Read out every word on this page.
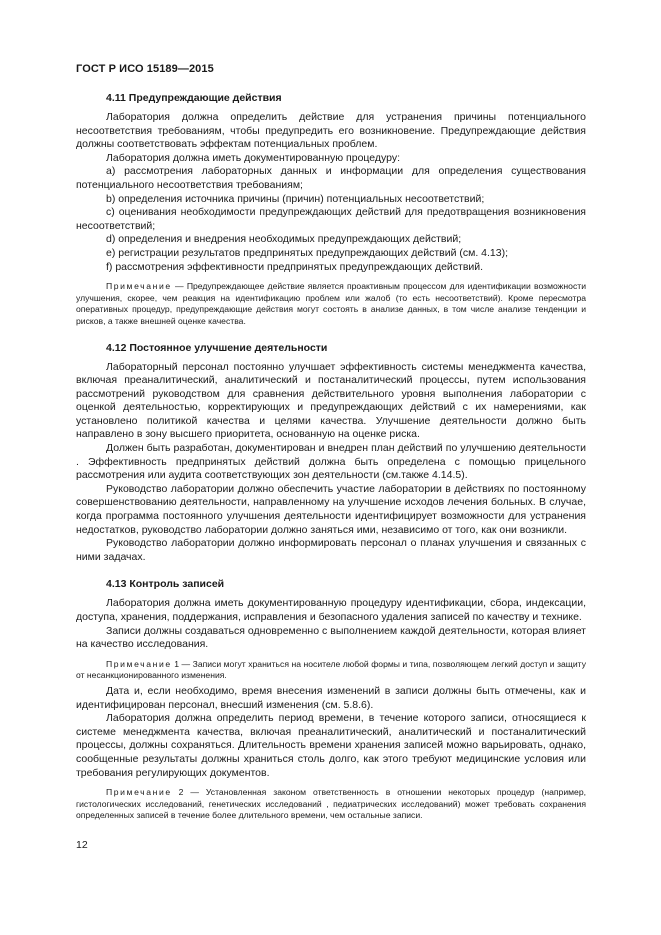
ГОСТ Р ИСО 15189—2015
4.11 Предупреждающие действия

Лаборатория должна определить действие для устранения причины потенциального несоответствия требованиям, чтобы предупредить его возникновение. Предупреждающие действия должны соответствовать эффектам потенциальных проблем.

Лаборатория должна иметь документированную процедуру:

a) рассмотрения лабораторных данных и информации для определения существования потенциального несоответствия требованиям;

b) определения источника причины (причин) потенциальных несоответствий;

c) оценивания необходимости предупреждающих действий для предотвращения возникновения несоответствий;

d) определения и внедрения необходимых предупреждающих действий;

e) регистрации результатов предпринятых предупреждающих действий (см. 4.13);

f) рассмотрения эффективности предпринятых предупреждающих действий.

Примечание — Предупреждающее действие является проактивным процессом для идентификации возможности улучшения, скорее, чем реакция на идентификацию проблем или жалоб (то есть несоответствий). Кроме пересмотра оперативных процедур, предупреждающие действия могут состоять в анализе данных, в том числе анализе тенденции и рисков, а также внешней оценке качества.
4.12 Постоянное улучшение деятельности

Лабораторный персонал постоянно улучшает эффективность системы менеджмента качества, включая преаналитический, аналитический и постаналитический процессы, путем использования рассмотрений руководством для сравнения действительного уровня выполнения лаборатории с оценкой деятельностью, корректирующих и предупреждающих действий с их намерениями, как установлено политикой качества и целями качества. Улучшение деятельности должно быть направлено в зону высшего приоритета, основанную на оценке риска.

Должен быть разработан, документирован и внедрен план действий по улучшению деятельности . Эффективность предпринятых действий должна быть определена с помощью прицельного рассмотрения или аудита соответствующих зон деятельности (см.также 4.14.5).

Руководство лаборатории должно обеспечить участие лаборатории в действиях по постоянному совершенствованию деятельности, направленному на улучшение исходов лечения больных. В случае, когда программа постоянного улучшения деятельности идентифицирует возможности для устранения недостатков, руководство лаборатории должно заняться ими, независимо от того, как они возникли.

Руководство лаборатории должно информировать персонал о планах улучшения и связанных с ними задачах.

4.13 Контроль записей

Лаборатория должна иметь документированную процедуру идентификации, сбора, индексации, доступа, хранения, поддержания, исправления и безопасного удаления записей по качеству и технике.

Записи должны создаваться одновременно с выполнением каждой деятельности, которая влияет на качество исследования.

Примечание 1 — Записи могут храниться на носителе любой формы и типа, позволяющем легкий доступ и защиту от несанкционированного изменения.

Дата и, если необходимо, время внесения изменений в записи должны быть отмечены, как и идентифицирован персонал, внесший изменения (см. 5.8.6).

Лаборатория должна определить период времени, в течение которого записи, относящиеся к системе менеджмента качества, включая преаналитический, аналитический и постаналитический процессы, должны сохраняться. Длительность времени хранения записей можно варьировать, однако, сообщенные результаты должны храниться столь долго, как этого требуют медицинские условия или требования регулирующих документов.

Примечание 2 — Установленная законом ответственность в отношении некоторых процедур (например, гистологических исследований, генетических исследований , педиатрических исследований) может требовать сохранения определенных записей в течение более длительного времени, чем остальные записи.
12
